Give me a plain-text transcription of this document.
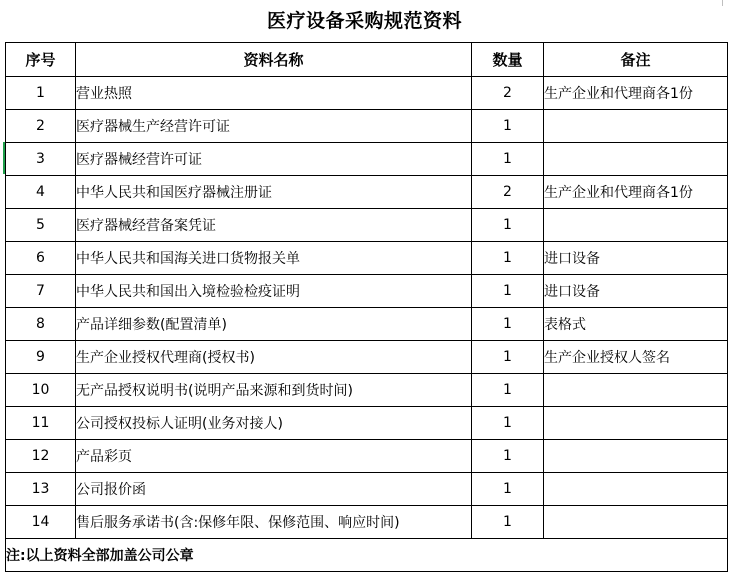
医疗设备采购规范资料
序号	资料名称	数量	备注
1	营业热照	2	生产企业和代理商各1份
2	医疗器械生产经营许可证	1	
3	医疗器械经营许可证	1	
4	中华人民共和国医疗器械注册证	2	生产企业和代理商各1份
5	医疗器械经营备案凭证	1	
6	中华人民共和国海关进口货物报关单	1	进口设备
7	中华人民共和国出入境检验检疫证明	1	进口设备
8	产品详细参数(配置清单)	1	表格式
9	生产企业授权代理商(授权书)	1	生产企业授权人签名
10	无产品授权说明书(说明产品来源和到货时间)	1	
11	公司授权投标人证明(业务对接人)	1	
12	产品彩页	1	
13	公司报价函	1	
14	售后服务承诺书(含:保修年限、保修范围、响应时间)	1	
注:以上资料全部加盖公司公章			
